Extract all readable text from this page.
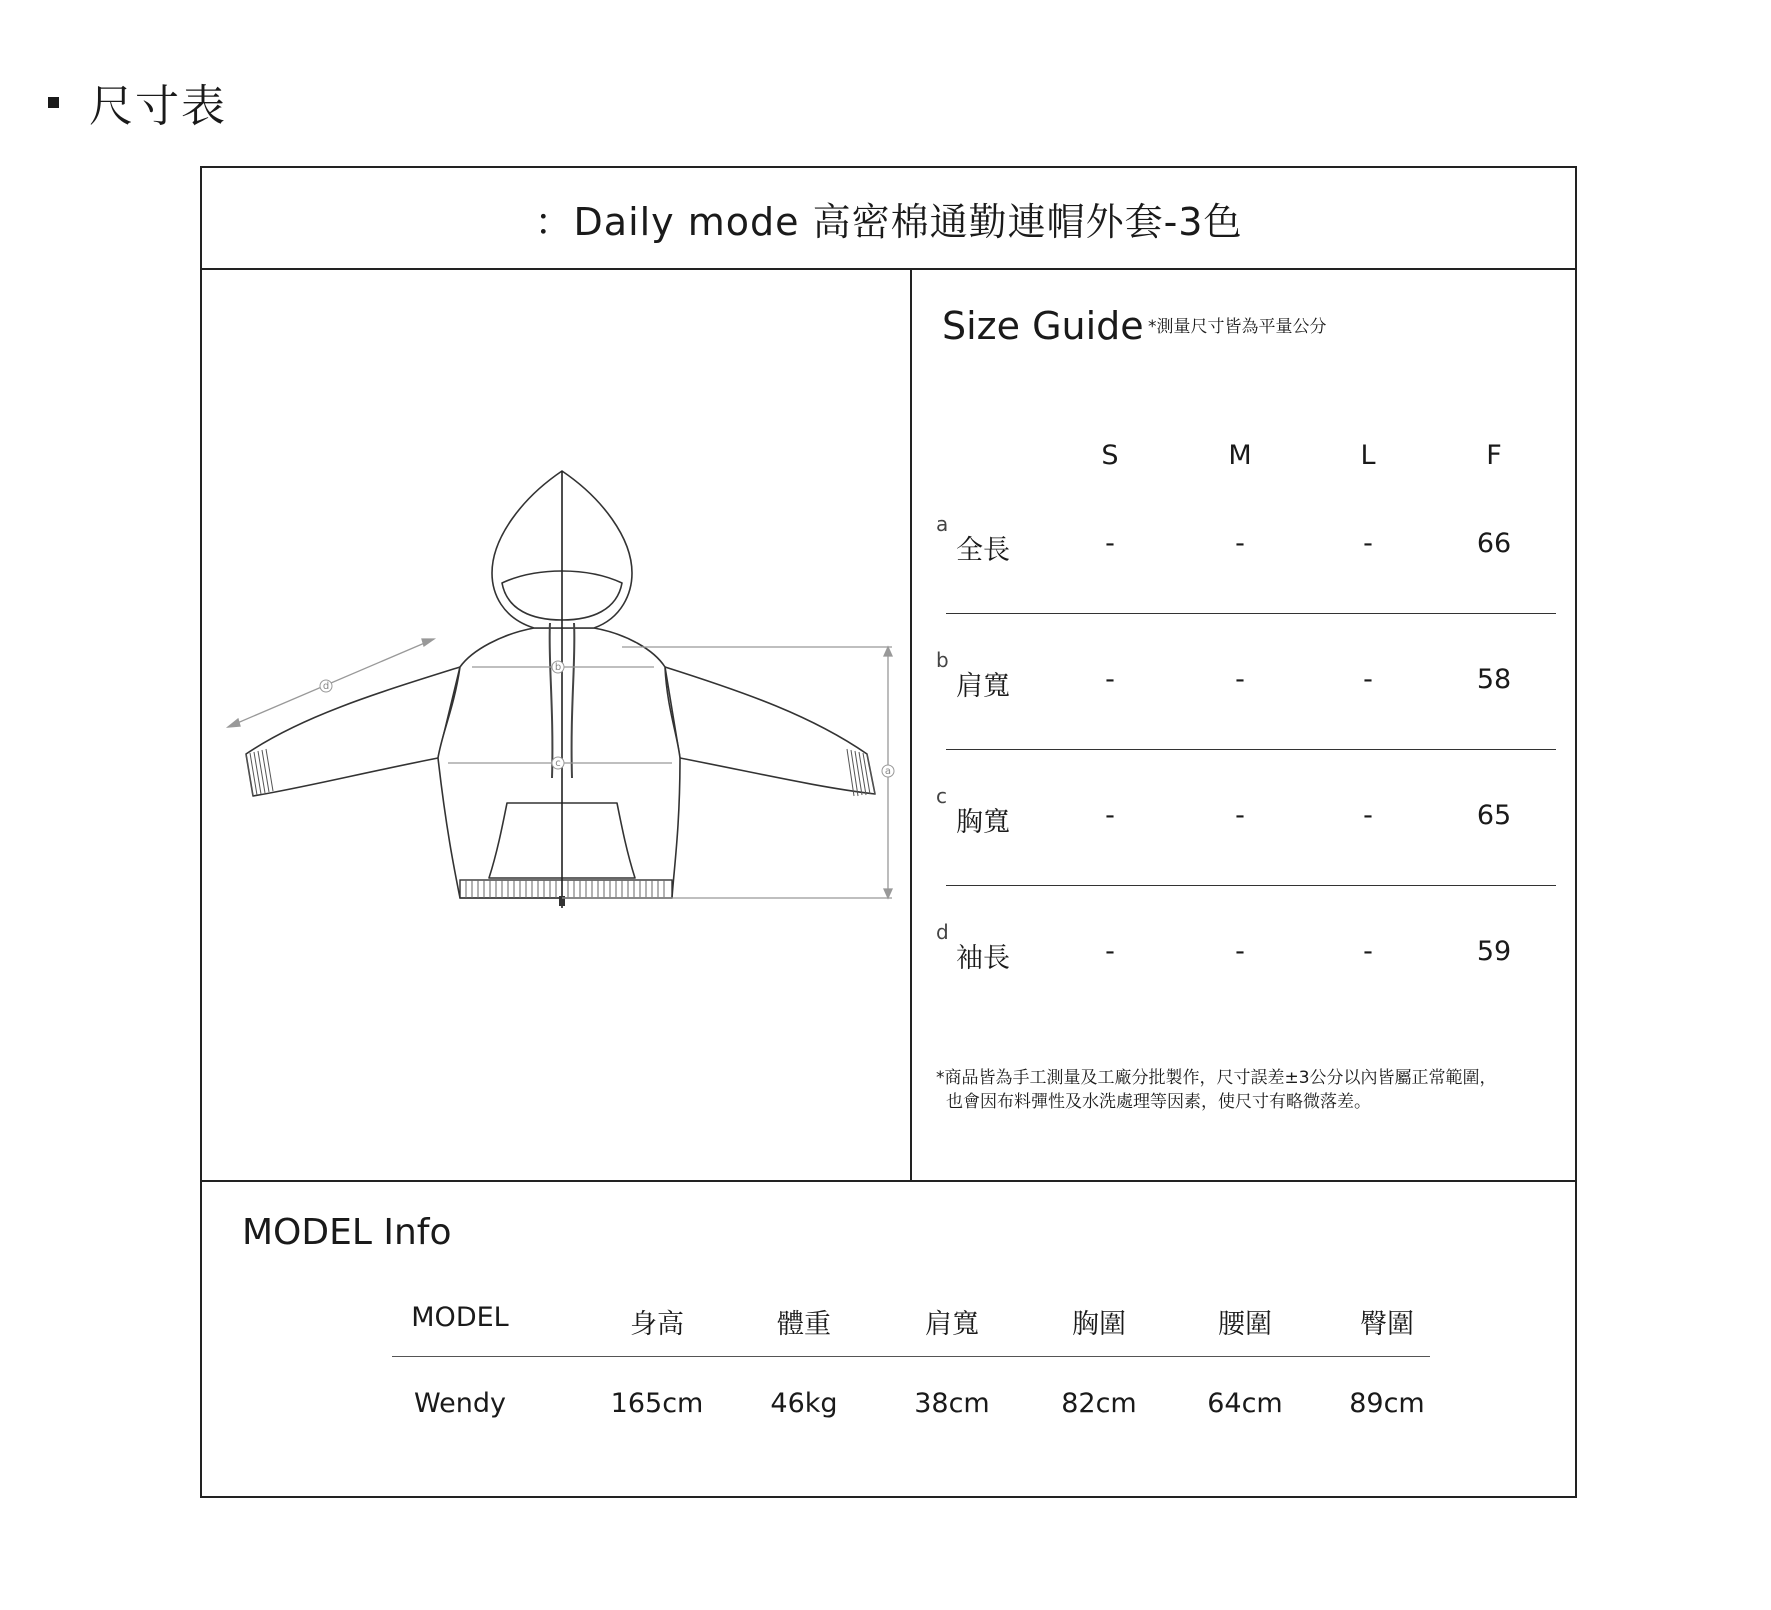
尺寸表
：Daily mode 高密棉通勤連帽外套-3色
d
b
c
a
Size Guide *測量尺寸皆為平量公分
S	M	L	F
a
全長	-	-	-	66
b
肩寬	-	-	-	58
c
胸寬	-	-	-	65
d
袖長	-	-	-	59
*商品皆為手工測量及工廠分批製作，尺寸誤差±3公分以內皆屬正常範圍，
也會因布料彈性及水洗處理等因素，使尺寸有略微落差。
MODEL Info
MODEL	身高	體重	肩寬	胸圍	腰圍	臀圍
Wendy	165cm	46kg	38cm	82cm	64cm	89cm
